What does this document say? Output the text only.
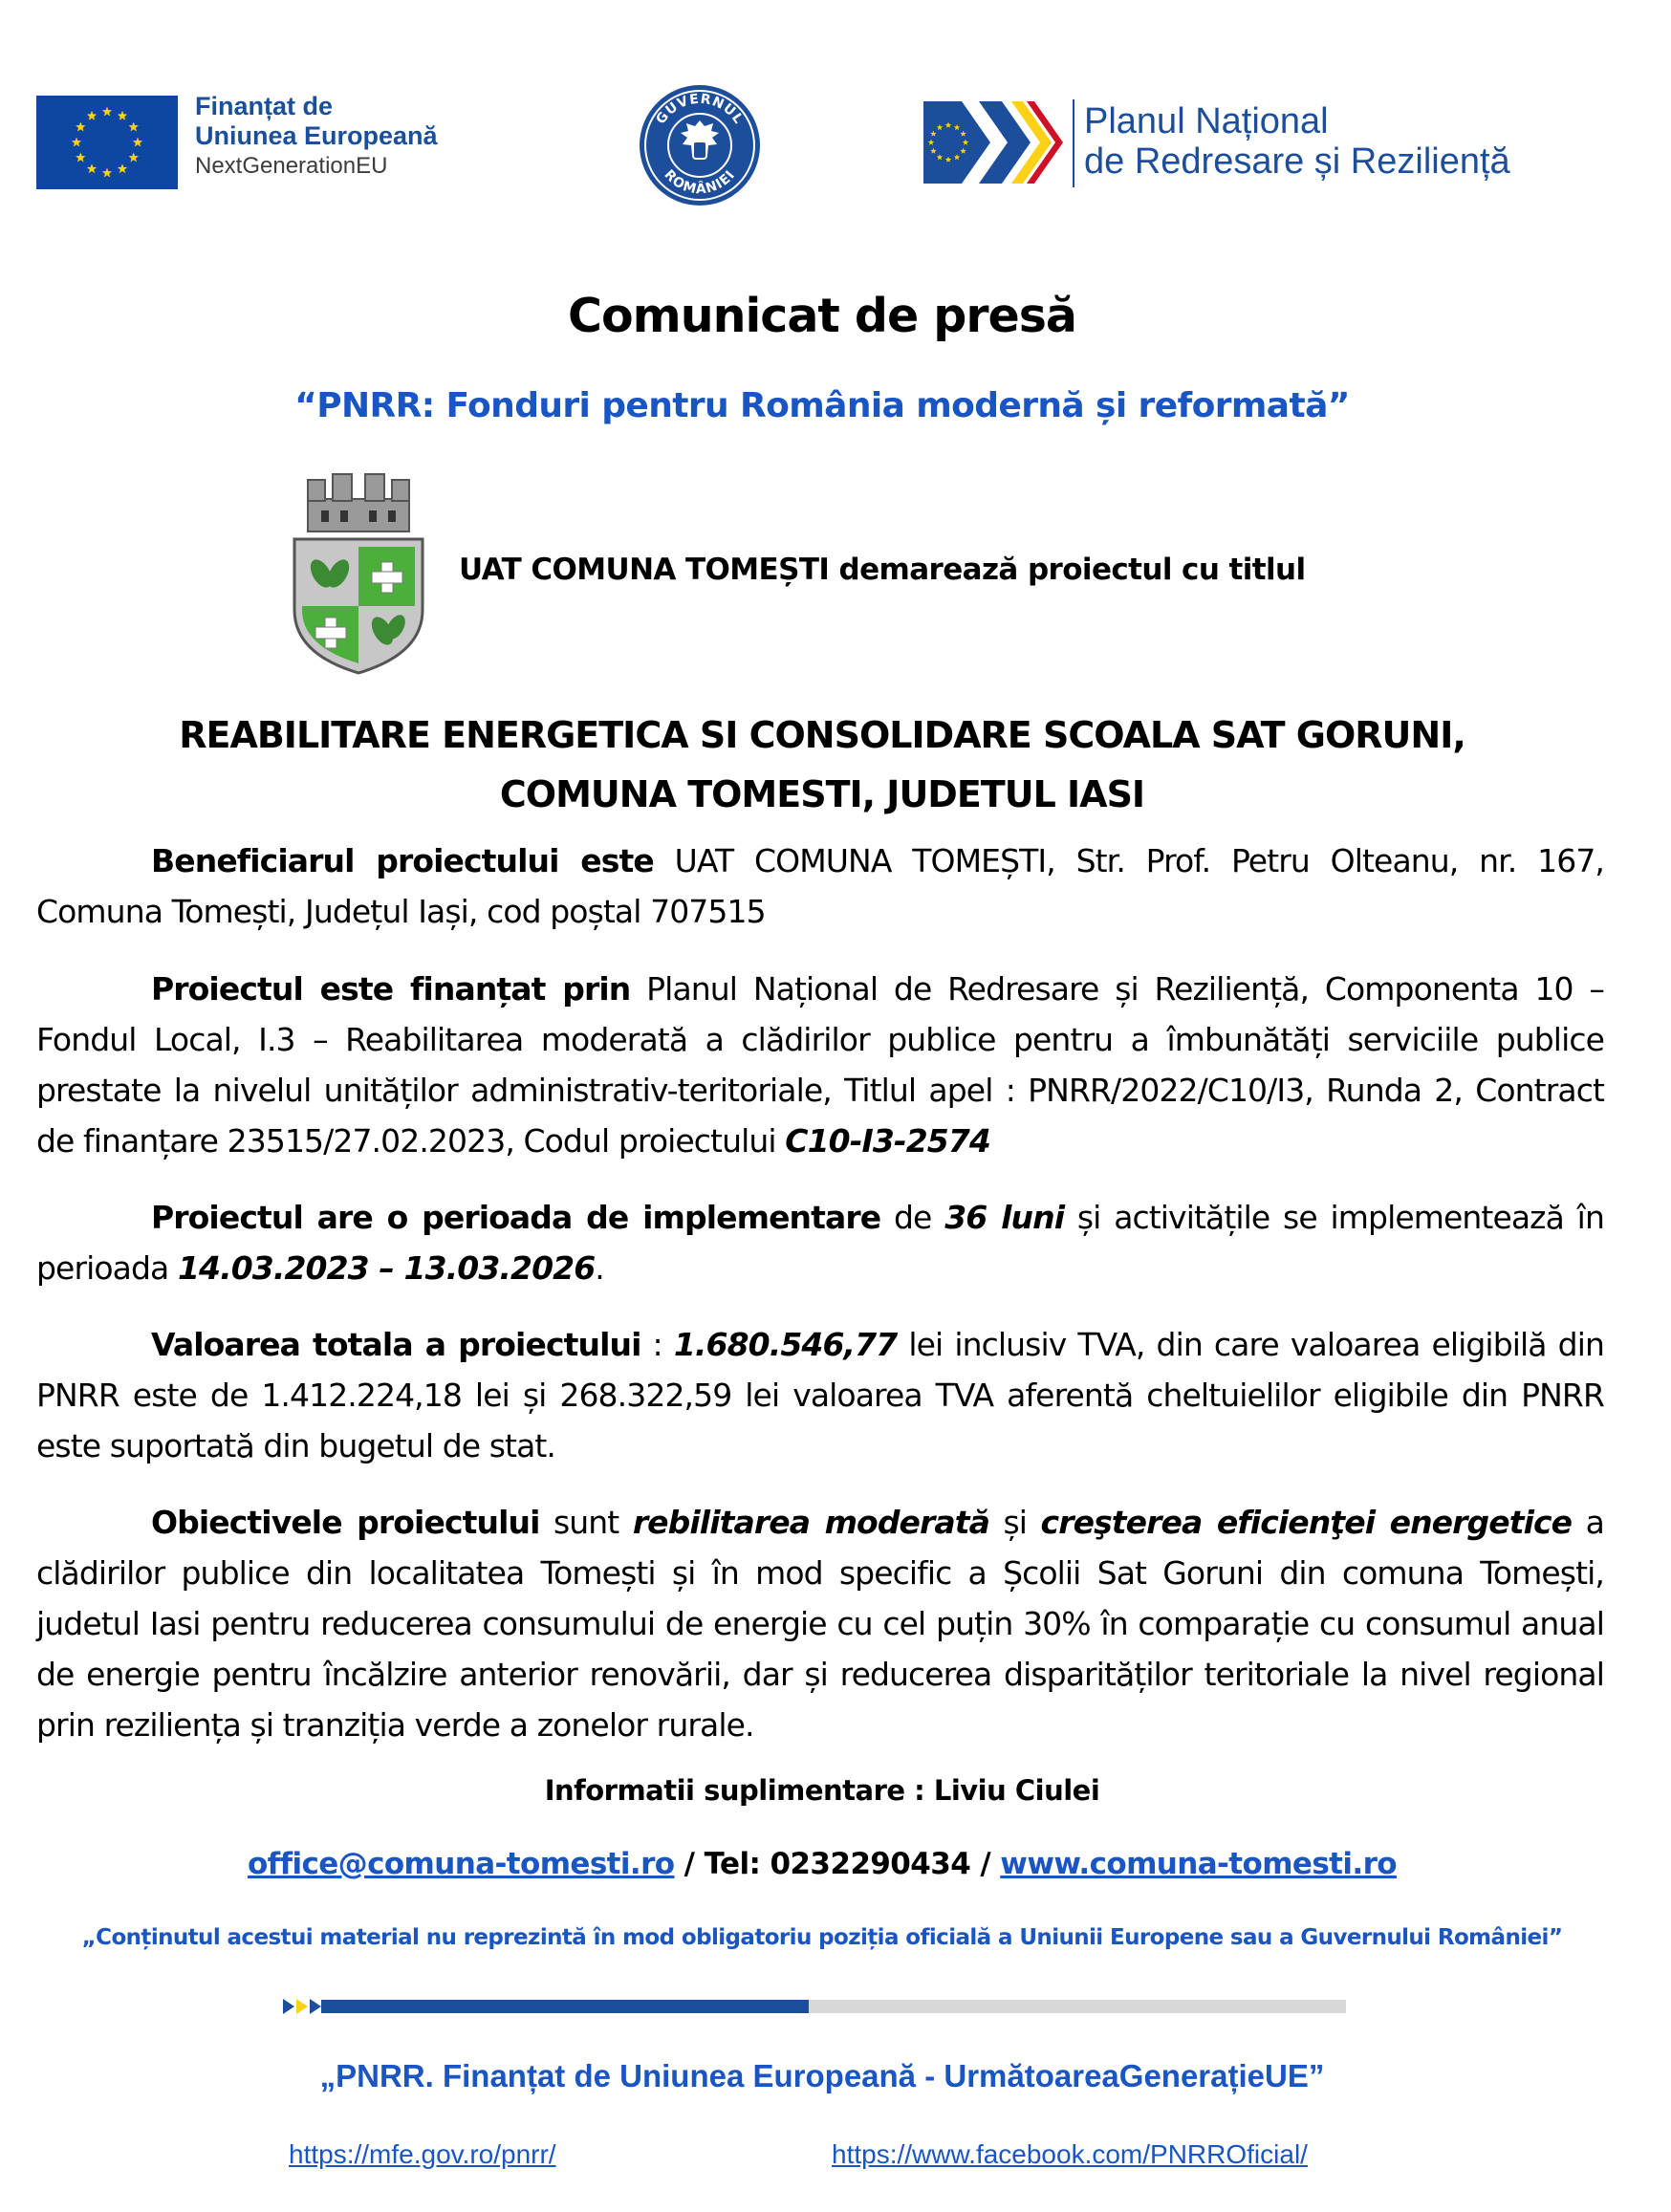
Finanțat de
Uniunea Europeană
NextGenerationEU
GUVERNUL
ROMÂNIEI
Planul Național
de Redresare și Reziliență
Comunicat de presă
“PNRR: Fonduri pentru România modernă și reformată”
UAT COMUNA TOMEȘTI demarează proiectul cu titlul
REABILITARE ENERGETICA SI CONSOLIDARE SCOALA SAT GORUNI,
COMUNA TOMESTI, JUDETUL IASI
Beneficiarul proiectului este UAT COMUNA TOMEȘTI, Str. Prof. Petru Olteanu, nr. 167, Comuna Tomești, Județul Iași, cod poștal 707515
Proiectul este finanțat prin Planul Național de Redresare și Reziliență, Componenta 10 – Fondul Local, I.3 – Reabilitarea moderată a clădirilor publice pentru a îmbunătăți serviciile publice prestate la nivelul unităților administrativ-teritoriale, Titlul apel : PNRR/2022/C10/I3, Runda 2, Contract de finanțare 23515/27.02.2023, Codul proiectului C10-I3-2574
Proiectul are o perioada de implementare de 36 luni și activitățile se implementează în perioada 14.03.2023 – 13.03.2026.
Valoarea totala a proiectului : 1.680.546,77 lei inclusiv TVA, din care valoarea eligibilă din PNRR este de 1.412.224,18 lei și 268.322,59 lei valoarea TVA aferentă cheltuielilor eligibile din PNRR este suportată din bugetul de stat.
Obiectivele proiectului sunt rebilitarea moderată și creşterea eficienţei energetice a clădirilor publice din localitatea Tomești și în mod specific a Școlii Sat Goruni din comuna Tomești, judetul Iasi pentru reducerea consumului de energie cu cel puțin 30% în comparație cu consumul anual de energie pentru încălzire anterior renovării, dar și reducerea disparităților teritoriale la nivel regional prin reziliența și tranziția verde a zonelor rurale.
Informatii suplimentare : Liviu Ciulei
office@comuna-tomesti.ro / Tel: 0232290434 / www.comuna-tomesti.ro
„Conținutul acestui material nu reprezintă în mod obligatoriu poziția oficială a Uniunii Europene sau a Guvernului României”
„PNRR. Finanțat de Uniunea Europeană - UrmătoareaGenerațieUE”
https://mfe.gov.ro/pnrr/	https://www.facebook.com/PNRROficial/
